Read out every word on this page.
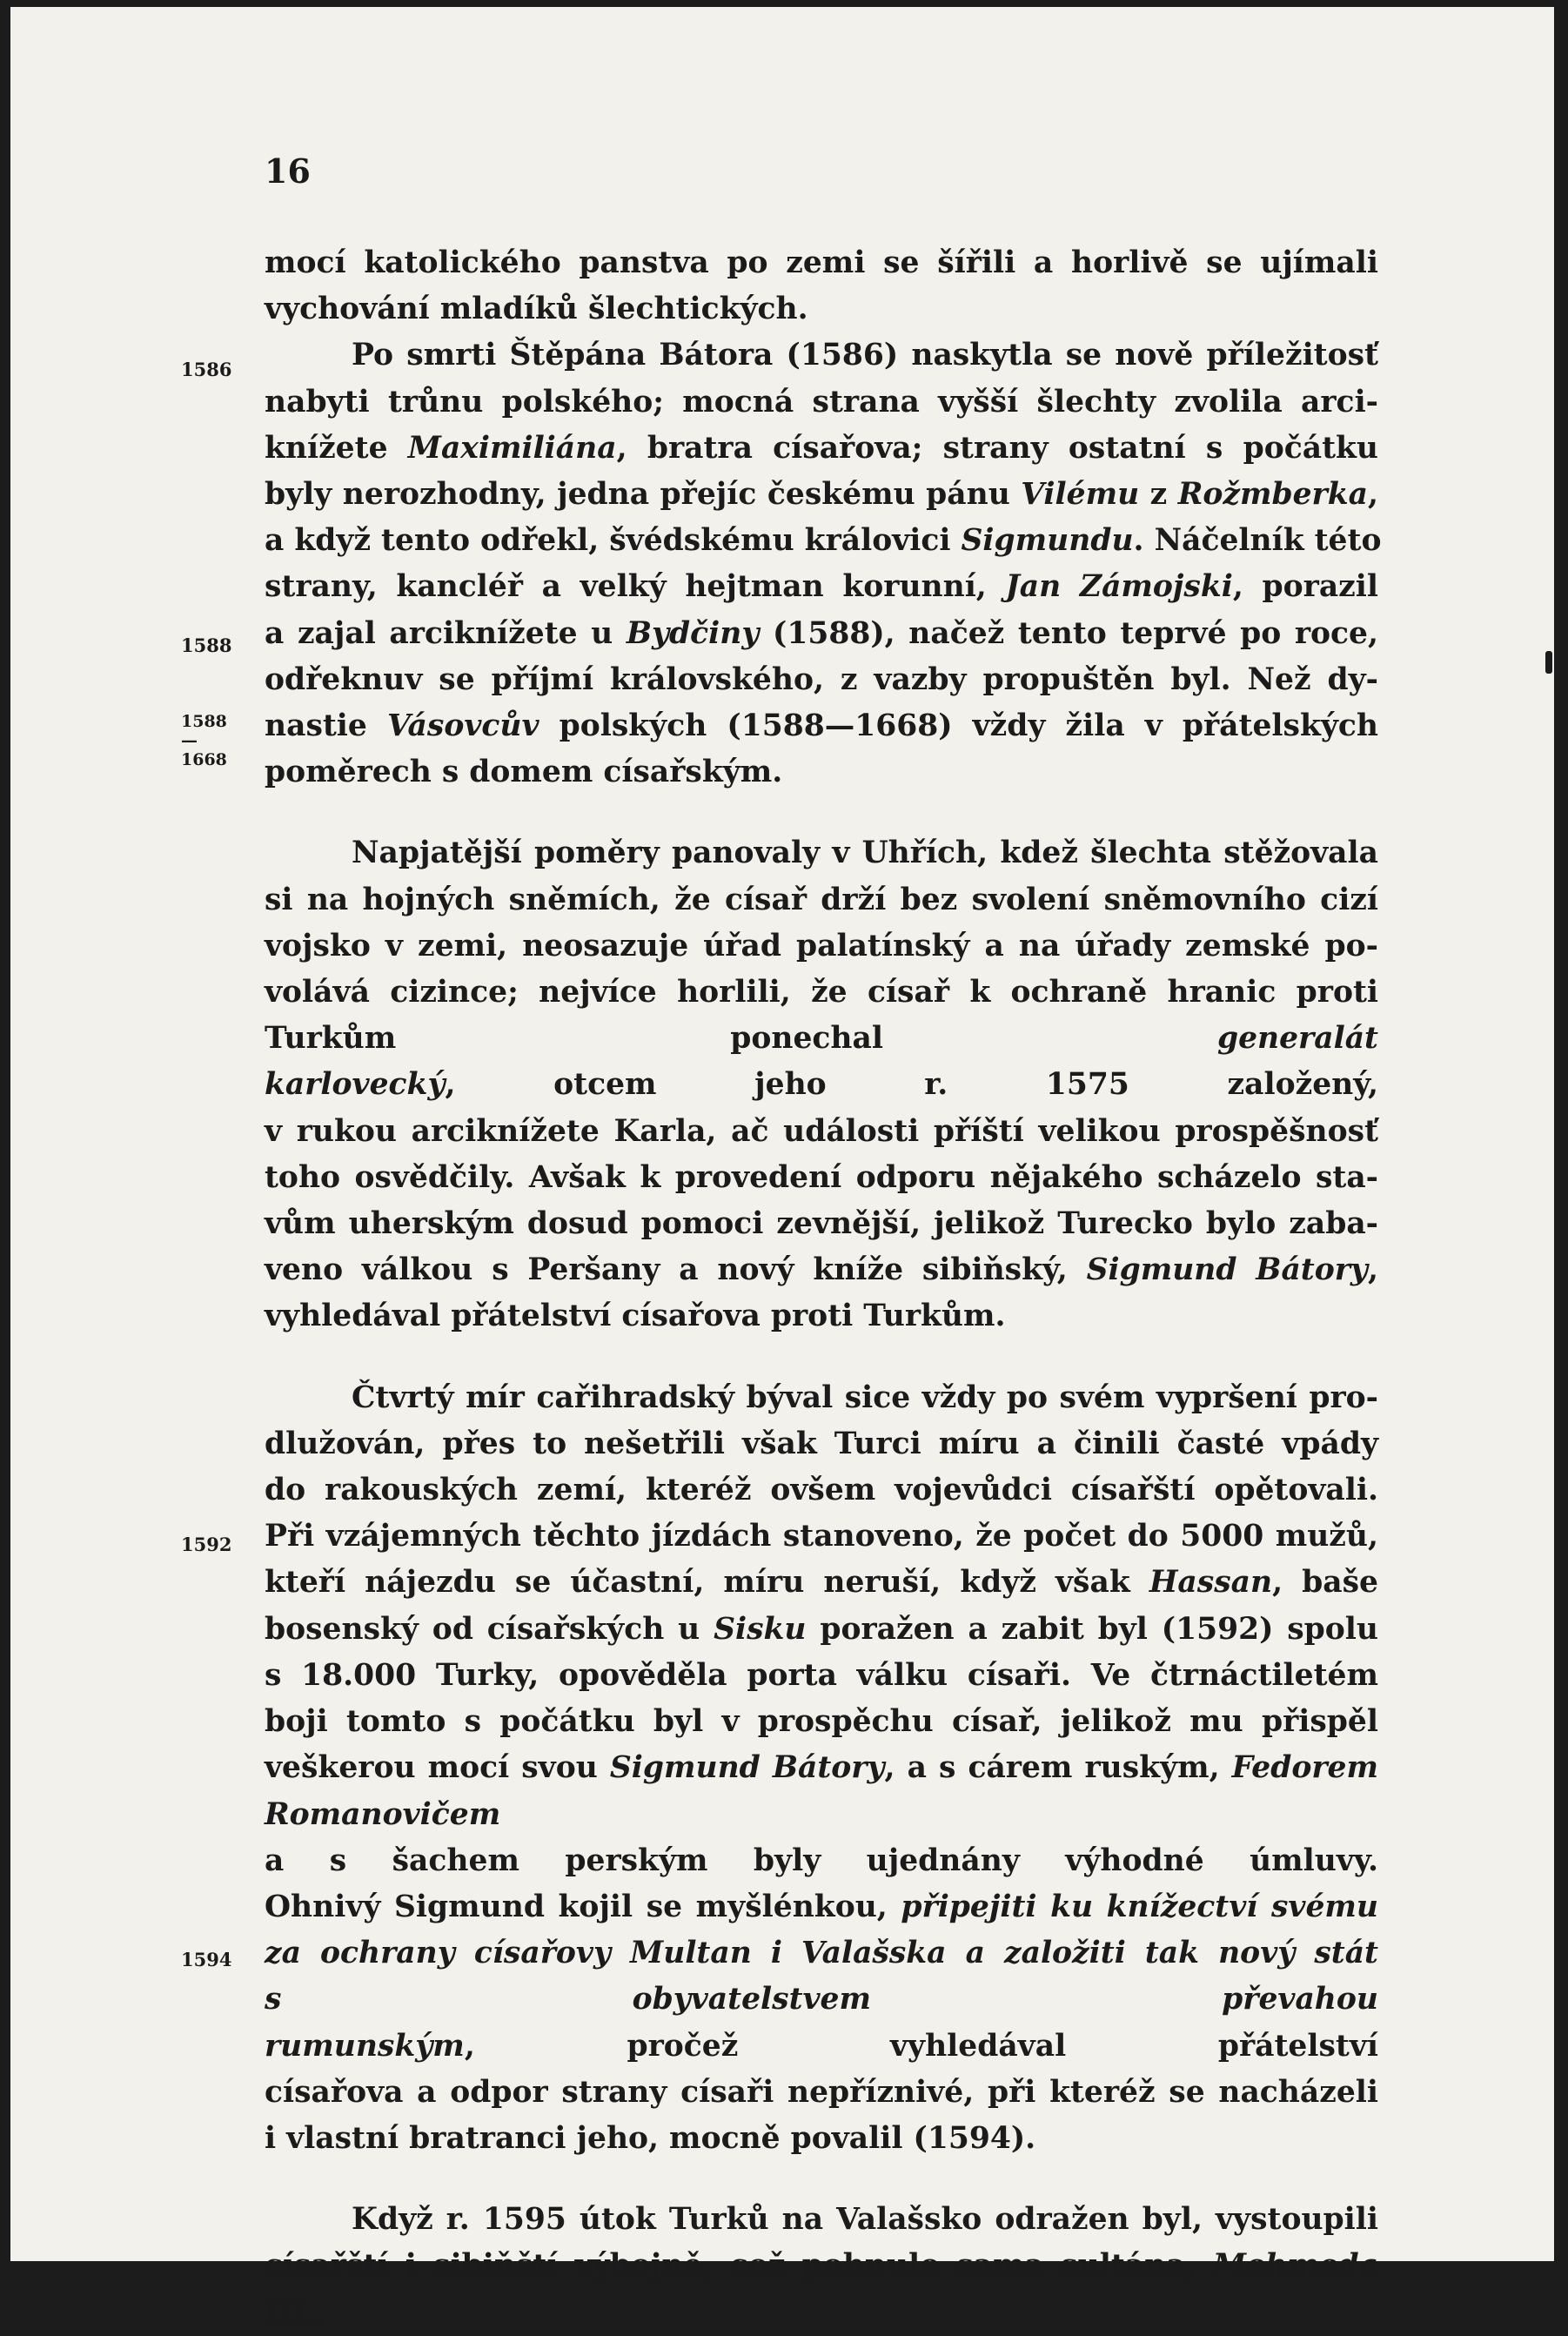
16
1586
1588
1588—1668
1592
1594

mocí katolického panstva po zemi se šířili a horlivě se ujímali
vychování mladíků šlechtických.

Po smrti Štěpána Bátora (1586) naskytla se nově příležitosť
nabyti trůnu polského; mocná strana vyšší šlechty zvolila arci-
knížete Maximiliána, bratra císařova; strany ostatní s počátku
byly nerozhodny, jedna přejíc českému pánu Vilému z Rožmberka,
a když tento odřekl, švédskému královici Sigmundu. Náčelník této
strany, kancléř a velký hejtman korunní, Jan Zámojski, porazil
a zajal arciknížete u Bydčiny (1588), načež tento teprvé po roce,
odřeknuv se příjmí královského, z vazby propuštěn byl. Než dy-
nastie Vásovcův polských (1588—1668) vždy žila v přátelských
poměrech s domem císařským.

Napjatější poměry panovaly v Uhřích, kdež šlechta stěžovala
si na hojných sněmích, že císař drží bez svolení sněmovního cizí
vojsko v zemi, neosazuje úřad palatínský a na úřady zemské po-
volává cizince; nejvíce horlili, že císař k ochraně hranic proti
Turkům ponechal generalát karlovecký, otcem jeho r. 1575 založený,
v rukou arciknížete Karla, ač události příští velikou prospěšnosť
toho osvědčily. Avšak k provedení odporu nějakého scházelo sta-
vům uherským dosud pomoci zevnější, jelikož Turecko bylo zaba-
veno válkou s Peršany a nový kníže sibiňský, Sigmund Bátory,
vyhledával přátelství císařova proti Turkům.

Čtvrtý mír cařihradský býval sice vždy po svém vypršení pro-
dlužován, přes to nešetřili však Turci míru a činili časté vpády
do rakouských zemí, kteréž ovšem vojevůdci císařští opětovali.
Při vzájemných těchto jízdách stanoveno, že počet do 5000 mužů,
kteří nájezdu se účastní, míru neruší, když však Hassan, baše
bosenský od císařských u Sisku poražen a zabit byl (1592) spolu
s 18.000 Turky, opověděla porta válku císaři. Ve čtrnáctiletém
boji tomto s počátku byl v prospěchu císař, jelikož mu přispěl
veškerou mocí svou Sigmund Bátory, a s cárem ruským, Fedorem
Romanovičem a s šachem perským byly ujednány výhodné úmluvy.
Ohnivý Sigmund kojil se myšlénkou, připejiti ku knížectví svému
za ochrany císařovy Multan i Valašska a založiti tak nový stát
s obyvatelstvem převahou rumunským, pročež vyhledával přátelství
císařova a odpor strany císaři nepříznivé, při kteréž se nacházeli
i vlastní bratranci jeho, mocně povalil (1594).

Když r. 1595 útok Turků na Valašsko odražen byl, vystoupili
císařští i sibiňští výbojně, což pohnulo sama sultána, Mehmeda III.,
